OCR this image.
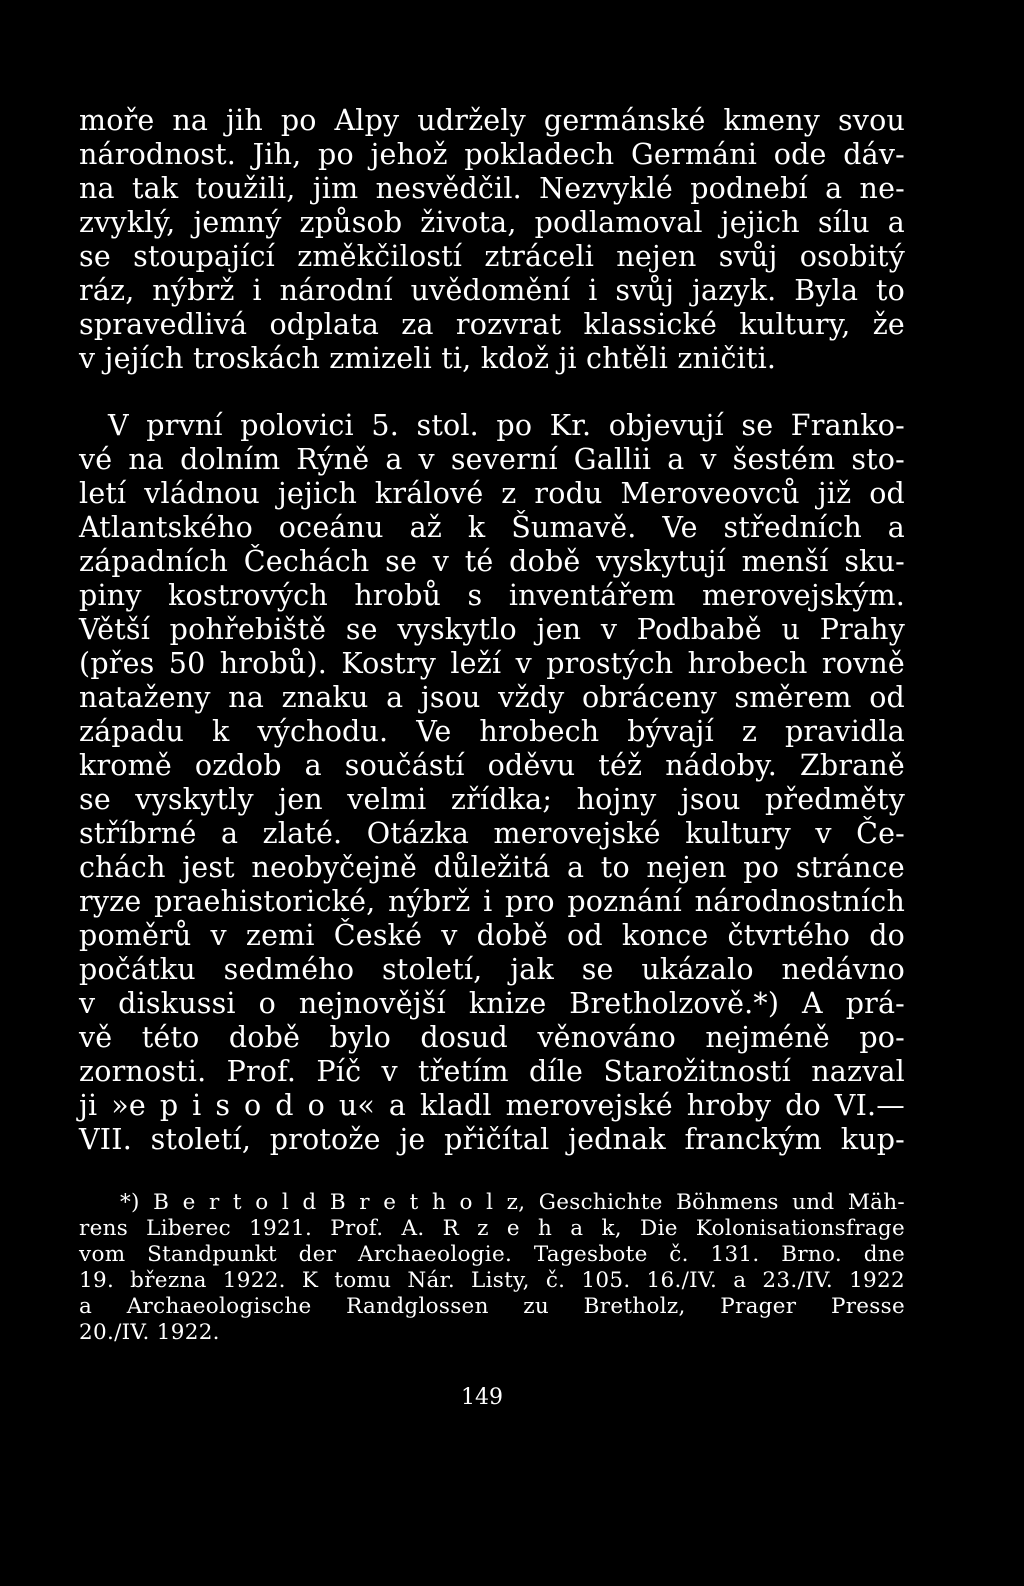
moře na jih po Alpy udržely germánské kmeny svou
národnost. Jih, po jehož pokladech Germáni ode dáv-
na tak toužili, jim nesvědčil. Nezvyklé podnebí a ne-
zvyklý, jemný způsob života, podlamoval jejich sílu a
se stoupající změkčilostí ztráceli nejen svůj osobitý
ráz, nýbrž i národní uvědomění i svůj jazyk. Byla to
spravedlivá odplata za rozvrat klassické kultury, že
v jejích troskách zmizeli ti, kdož ji chtěli zničiti.
V první polovici 5. stol. po Kr. objevují se Franko-
vé na dolním Rýně a v severní Gallii a v šestém sto-
letí vládnou jejich králové z rodu Meroveovců již od
Atlantského oceánu až k Šumavě. Ve středních a
západních Čechách se v té době vyskytují menší sku-
piny kostrových hrobů s inventářem merovejským.
Větší pohřebiště se vyskytlo jen v Podbabě u Prahy
(přes 50 hrobů). Kostry leží v prostých hrobech rovně
nataženy na znaku a jsou vždy obráceny směrem od
západu k východu. Ve hrobech bývají z pravidla
kromě ozdob a součástí oděvu též nádoby. Zbraně
se vyskytly jen velmi zřídka; hojny jsou předměty
stříbrné a zlaté. Otázka merovejské kultury v Če-
chách jest neobyčejně důležitá a to nejen po stránce
ryze praehistorické, nýbrž i pro poznání národnostních
poměrů v zemi České v době od konce čtvrtého do
počátku sedmého století, jak se ukázalo nedávno
v diskussi o nejnovější knize Bretholzově.*) A prá-
vě této době bylo dosud věnováno nejméně po-
zornosti. Prof. Píč v třetím díle Starožitností nazval
ji »e p i s o d o u« a kladl merovejské hroby do VI.—
VII. století, protože je přičítal jednak franckým kup-
*) B e r t o l d B r e t h o l z, Geschichte Böhmens und Mäh-
rens Liberec 1921. Prof. A. R z e h a k, Die Kolonisationsfrage
vom Standpunkt der Archaeologie. Tagesbote č. 131. Brno. dne
19. března 1922. K tomu Nár. Listy, č. 105. 16./IV. a 23./IV. 1922
a Archaeologische Randglossen zu Bretholz, Prager Presse
20./IV. 1922.
149
